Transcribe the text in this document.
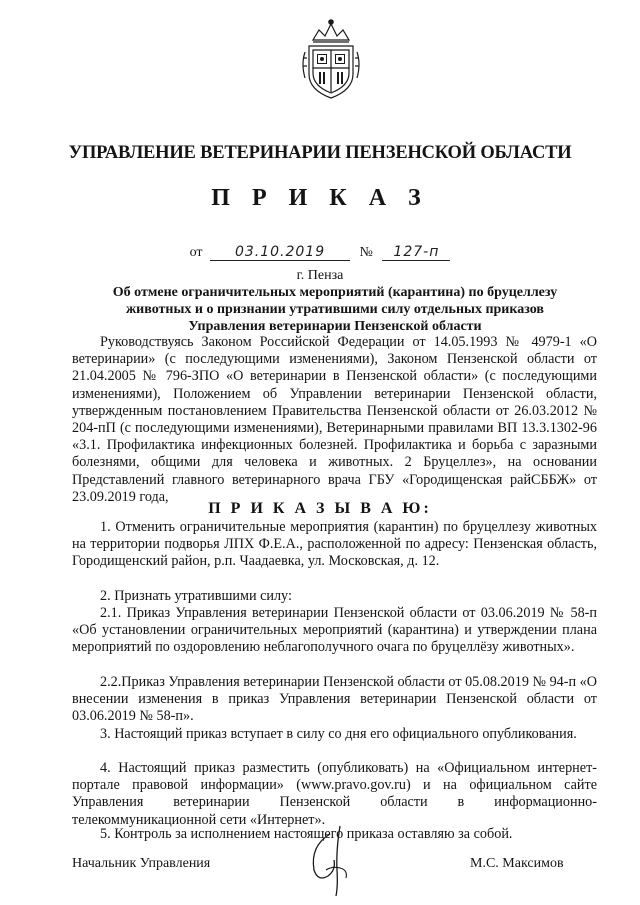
УПРАВЛЕНИЕ ВЕТЕРИНАРИИ ПЕНЗЕНСКОЙ ОБЛАСТИ
П Р И К А З
от 03.10.2019 № 127-п
г. Пенза
Об отмене ограничительных мероприятий (карантина) по бруцеллезу животных и о признании утратившими силу отдельных приказов Управления ветеринарии Пензенской области

Руководствуясь Законом Российской Федерации от 14.05.1993 № 4979-1 «О ветеринарии» (с последующими изменениями), Законом Пензенской области от 21.04.2005 № 796-ЗПО «О ветеринарии в Пензенской области» (с последующими изменениями), Положением об Управлении ветеринарии Пензенской области, утвержденным постановлением Правительства Пензенской области от 26.03.2012 № 204-пП (с последующими изменениями), Ветеринарными правилами ВП 13.3.1302-96 «3.1. Профилактика инфекционных болезней. Профилактика и борьба с заразными болезнями, общими для человека и животных. 2 Бруцеллез», на основании Представлений главного ветеринарного врача ГБУ «Городищенская райСББЖ» от 23.09.2019 года,

П Р И К А З Ы В А Ю:

1. Отменить ограничительные мероприятия (карантин) по бруцеллезу животных на территории подворья ЛПХ Ф.Е.А., расположенной по адресу: Пензенская область, Городищенский район, р.п. Чаадаевка, ул. Московская, д. 12.

2. Признать утратившими силу:

2.1. Приказ Управления ветеринарии Пензенской области от 03.06.2019 № 58-п «Об установлении ограничительных мероприятий (карантина) и утверждении плана мероприятий по оздоровлению неблагополучного очага по бруцеллёзу животных».

2.2.Приказ Управления ветеринарии Пензенской области от 05.08.2019 № 94-п «О внесении изменения в приказ Управления ветеринарии Пензенской области от 03.06.2019 № 58-п».

3. Настоящий приказ вступает в силу со дня его официального опубликования.

4. Настоящий приказ разместить (опубликовать) на «Официальном интернет-портале правовой информации» (www.pravo.gov.ru) и на официальном сайте Управления ветеринарии Пензенской области в информационно-телекоммуникационной сети «Интернет».

5. Контроль за исполнением настоящего приказа оставляю за собой.

Начальник Управления	М.С. Максимов
